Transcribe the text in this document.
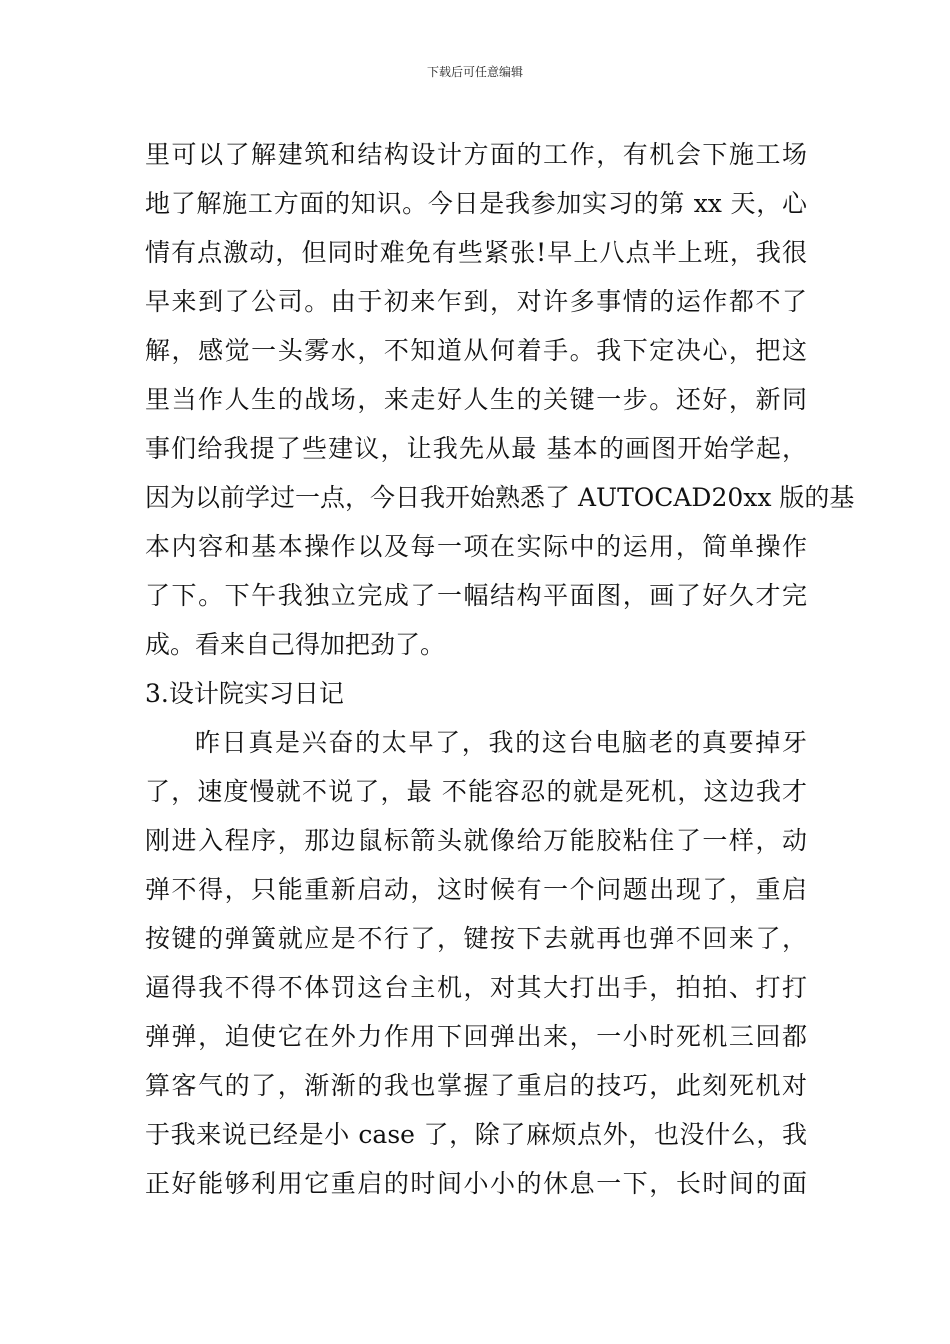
下载后可任意编辑
里可以了解建筑和结构设计方面的工作，有机会下施工场
地了解施工方面的知识。今日是我参加实习的第 xx 天，心
情有点激动，但同时难免有些紧张!早上八点半上班，我很
早来到了公司。由于初来乍到，对许多事情的运作都不了
解，感觉一头雾水，不知道从何着手。我下定决心，把这
里当作人生的战场，来走好人生的关键一步。还好，新同
事们给我提了些建议，让我先从最 基本的画图开始学起，
因为以前学过一点，今日我开始熟悉了 AUTOCAD20xx 版的基
本内容和基本操作以及每一项在实际中的运用，简单操作
了下。下午我独立完成了一幅结构平面图，画了好久才完
成。看来自己得加把劲了。
3.设计院实习日记
昨日真是兴奋的太早了，我的这台电脑老的真要掉牙
了，速度慢就不说了，最 不能容忍的就是死机，这边我才
刚进入程序，那边鼠标箭头就像给万能胶粘住了一样，动
弹不得，只能重新启动，这时候有一个问题出现了，重启
按键的弹簧就应是不行了，键按下去就再也弹不回来了，
逼得我不得不体罚这台主机，对其大打出手，拍拍、打打
弹弹，迫使它在外力作用下回弹出来，一小时死机三回都
算客气的了，渐渐的我也掌握了重启的技巧，此刻死机对
于我来说已经是小 case 了，除了麻烦点外，也没什么，我
正好能够利用它重启的时间小小的休息一下，长时间的面
